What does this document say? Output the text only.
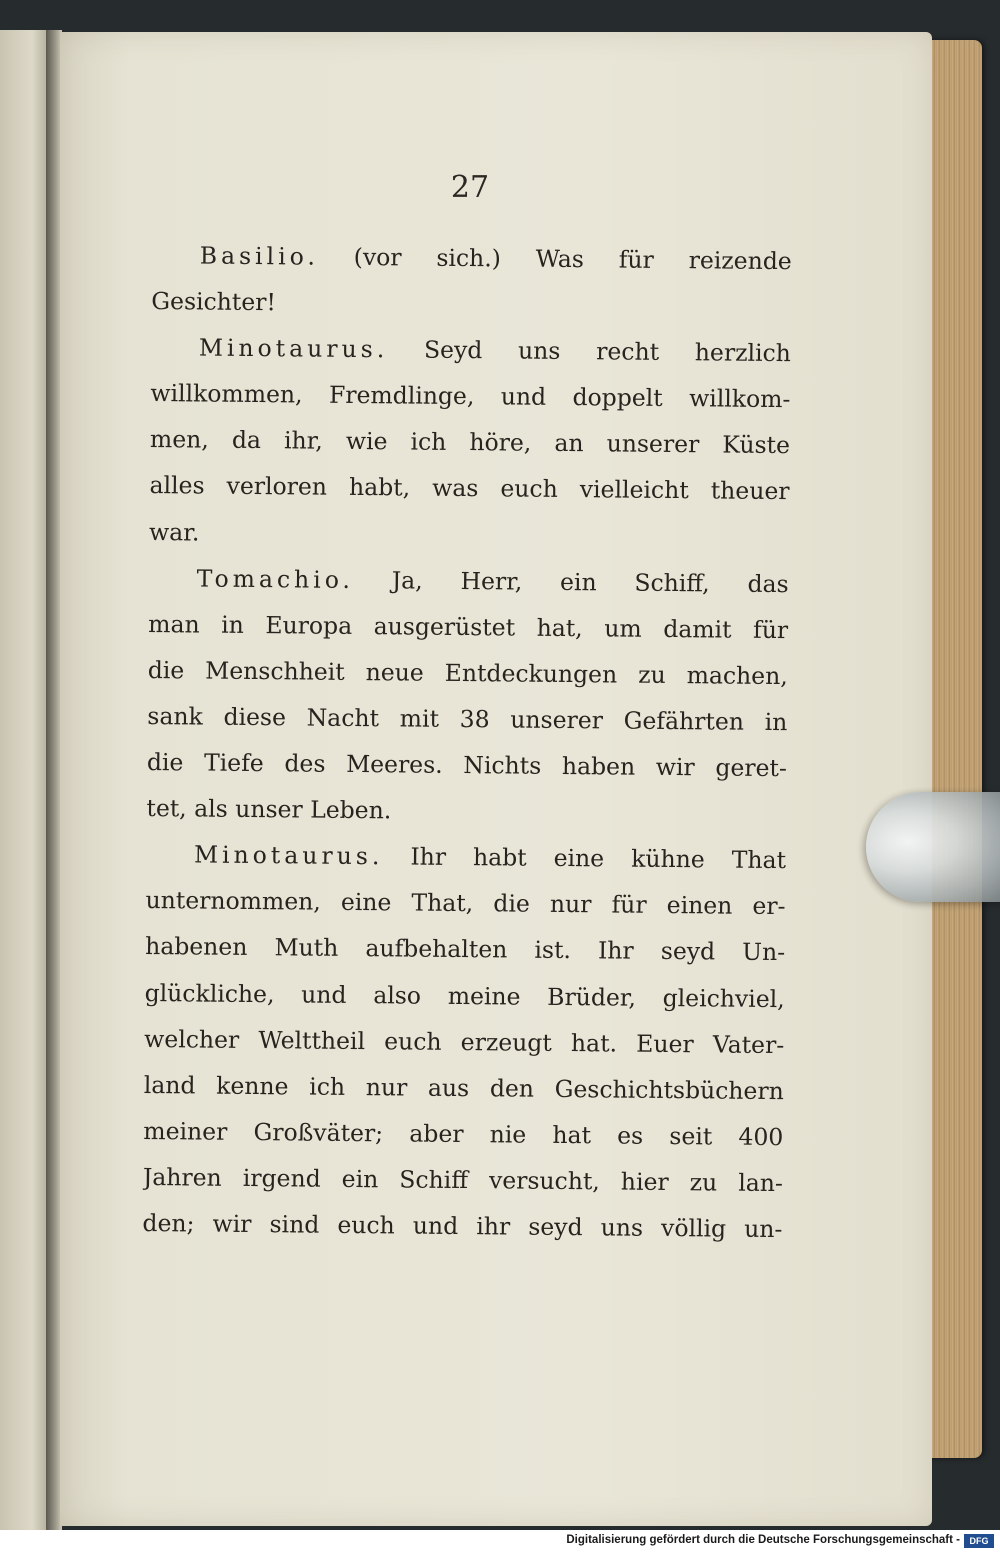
27
Basilio. (vor sich.) Was für reizende
Gesichter!
Minotaurus. Seyd uns recht herzlich
willkommen, Fremdlinge, und doppelt willkom-
men, da ihr, wie ich höre, an unserer Küste
alles verloren habt, was euch vielleicht theuer
war.
Tomachio. Ja, Herr, ein Schiff, das
man in Europa ausgerüstet hat, um damit für
die Menschheit neue Entdeckungen zu machen,
sank diese Nacht mit 38 unserer Gefährten in
die Tiefe des Meeres. Nichts haben wir geret-
tet, als unser Leben.
Minotaurus. Ihr habt eine kühne That
unternommen, eine That, die nur für einen er-
habenen Muth aufbehalten ist. Ihr seyd Un-
glückliche, und also meine Brüder, gleichviel,
welcher Welttheil euch erzeugt hat. Euer Vater-
land kenne ich nur aus den Geschichtsbüchern
meiner Großväter; aber nie hat es seit 400
Jahren irgend ein Schiff versucht, hier zu lan-
den; wir sind euch und ihr seyd uns völlig un-
Digitalisierung gefördert durch die Deutsche Forschungsgemeinschaft -	DFG
